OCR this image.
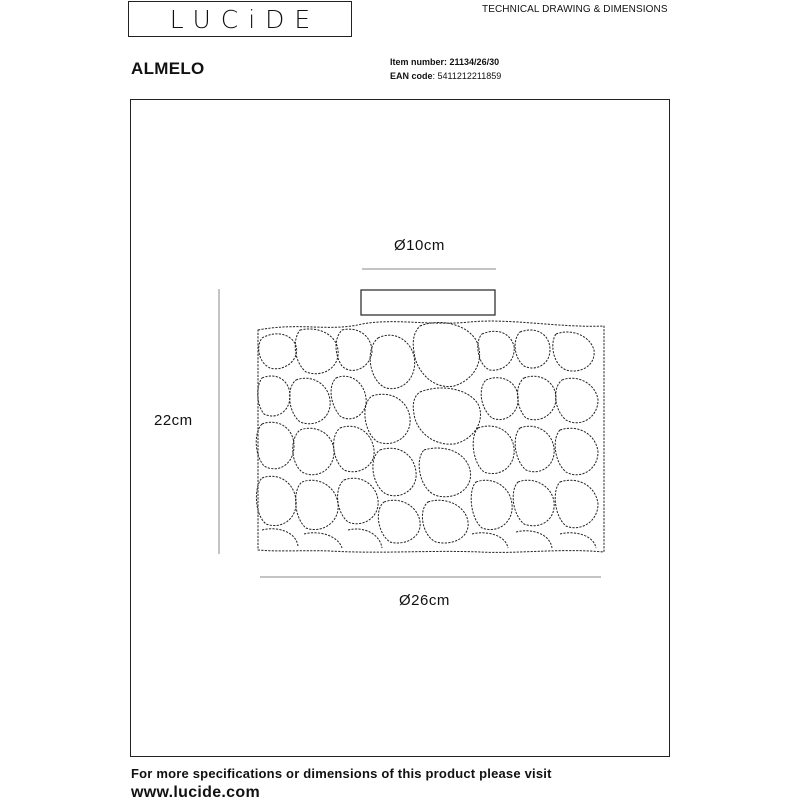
LUCiDE	TECHNICAL DRAWING & DIMENSIONS
ALMELO	Item number: 21134/26/30
EAN code: 5411212211859
Ø10cm
22cm
Ø26cm
For more specifications or dimensions of this product please visit
www.lucide.com
